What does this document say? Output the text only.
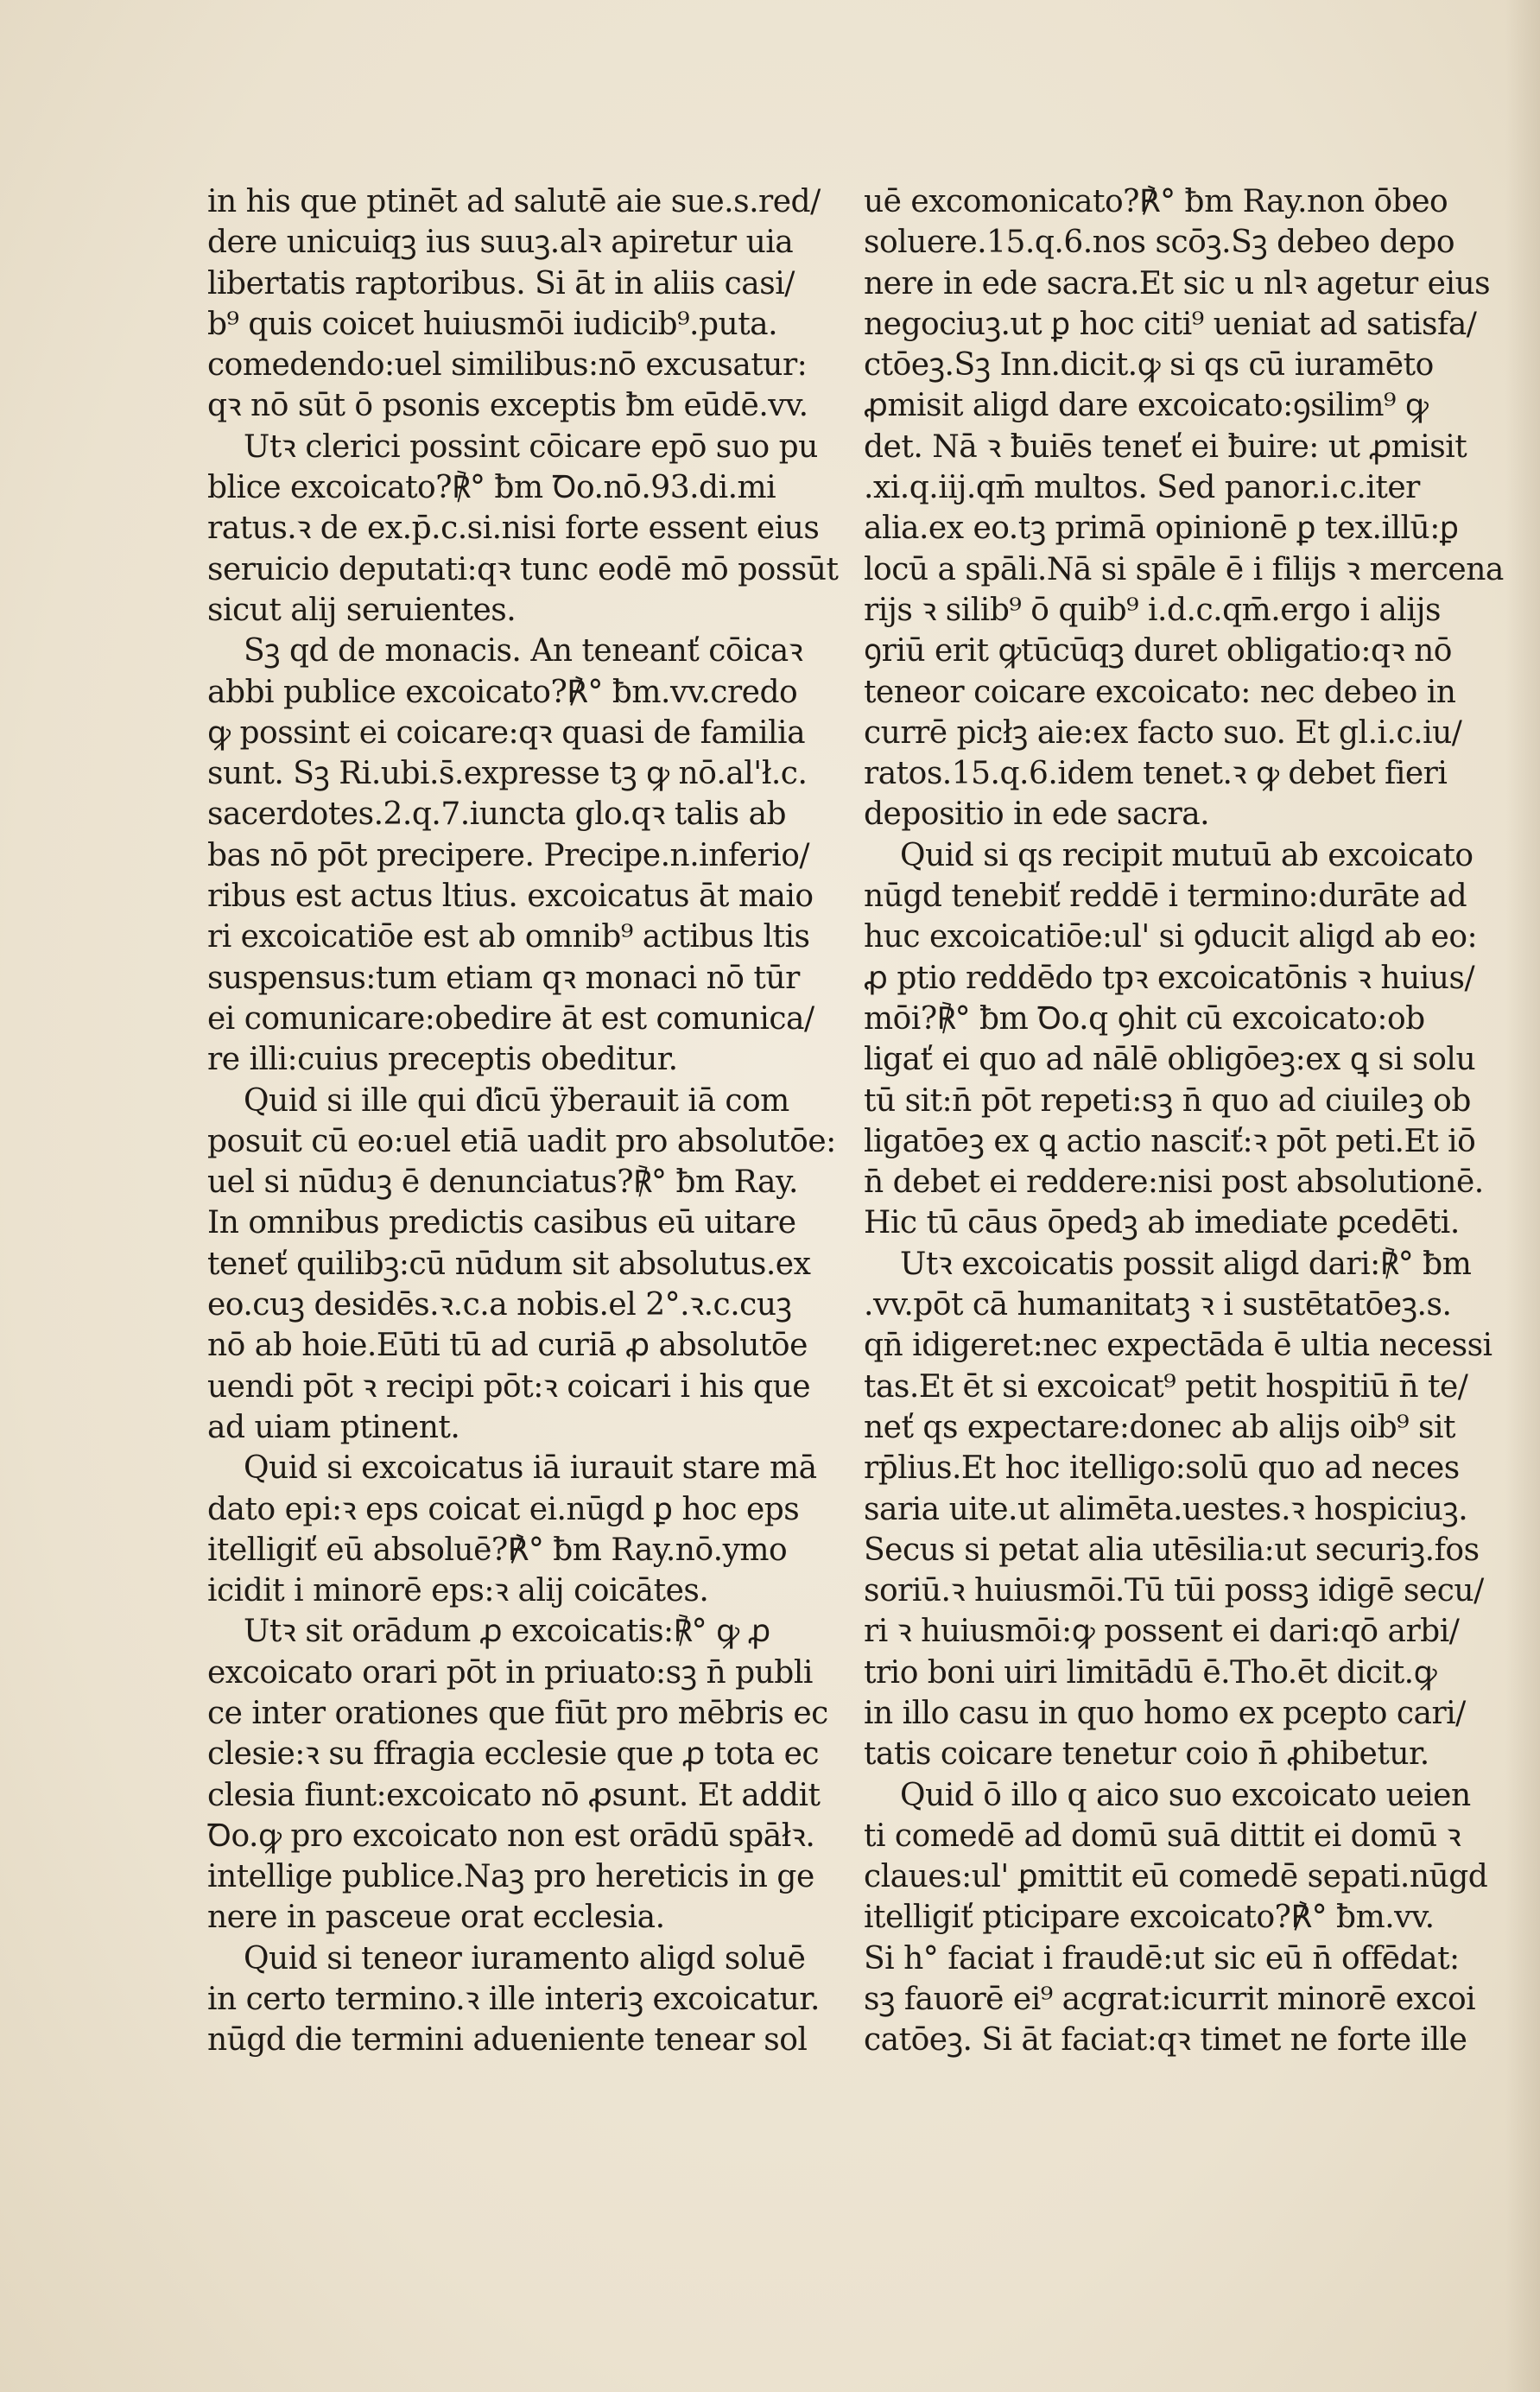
in his que ptinēt ad salutē aie sue.s.red/
dere unicuiqꝫ ius suuꝫ.alꝛ apiretur uia
libertatis raptoribus. Si āt in aliis casi/
b⁹ quis coicet huiusmōi iudicib⁹.puta.
comedendo:uel similibus:nō excusatur:
qꝛ nō sūt ō psonis exceptis ƀm eūdē.vv.
Utꝛ clerici possint cōicare epō suo pu
blice excoicato?℟° ƀm Ꝺo.nō.93.di.mi
ratus.ꝛ de ex.p̄.c.si.nisi forte essent eius
seruicio deputati:qꝛ tunc eodē mō possūt
sicut alij seruientes.
Sꝫ qd de monacis. An teneanť cōicaꝛ
abbi publice excoicato?℟° ƀm.vv.credo
ꝙ possint ei coicare:qꝛ quasi de familia
sunt. Sꝫ Ri.ubi.s̄.expresse tꝫ ꝙ nō.al'ł.c.
sacerdotes.2.q.7.iuncta glo.qꝛ talis ab
bas nō pōt precipere. Precipe.n.inferio/
ribus est actus ltius. excoicatus āt maio
ri excoicatiōe est ab omnib⁹ actibus ltis
suspensus:tum etiam qꝛ monaci nō tūr
ei comunicare:obedire āt est comunica/
re illi:cuius preceptis obeditur.
Quid si ille qui ďicū ÿberauit iā com
posuit cū eo:uel etiā uadit pro absolutōe:
uel si nūduꝫ ē denunciatus?℟° ƀm Ray.
In omnibus predictis casibus eū uitare
teneť quilibꝫ:cū nūdum sit absolutus.ex
eo.cuꝫ desidēs.ꝛ.c.a nobis.el 2°.ꝛ.c.cuꝫ
nō ab hoie.Eūti tū ad curiā ꝓ absolutōe
uendi pōt ꝛ recipi pōt:ꝛ coicari i his que
ad uiam ptinent.
Quid si excoicatus iā iurauit stare mā
dato epi:ꝛ eps coicat ei.nūgd ꝑ hoc eps
itelligiť eū absoluē?℟° ƀm Ray.nō.ymo
icidit i minorē eps:ꝛ alij coicātes.
Utꝛ sit orādum ꝓ excoicatis:℟° ꝙ ꝓ
excoicato orari pōt in priuato:sꝫ n̄ publi
ce inter orationes que fiūt pro mēbris ec
clesie:ꝛ su ffragia ecclesie que ꝓ tota ec
clesia fiunt:excoicato nō ꝓsunt. Et addit
Ꝺo.ꝙ pro excoicato non est orādū spāłꝛ.
intellige publice.Naꝫ pro hereticis in ge
nere in pasceue orat ecclesia.
Quid si teneor iuramento aligd soluē
in certo termino.ꝛ ille interiꝫ excoicatur.
nūgd die termini adueniente tenear sol
uē excomonicato?℟° ƀm Ray.non ōbeo
soluere.15.q.6.nos scōꝫ.Sꝫ debeo depo
nere in ede sacra.Et sic u nlꝛ agetur eius
negociuꝫ.ut ꝑ hoc citi⁹ ueniat ad satisfa/
ctōeꝫ.Sꝫ Inn.dicit.ꝙ si qs cū iuramēto
ꝓmisit aligd dare excoicato:ꝯsilim⁹ ꝙ
det. Nā ꝛ ƀuiēs teneť ei ƀuire: ut ꝓmisit
.xi.q.iij.qm̄ multos. Sed panor.i.c.iter
alia.ex eo.tꝫ primā opinionē ꝑ tex.illū:ꝑ
locū a spāli.Nā si spāle ē i filijs ꝛ mercena
rijs ꝛ silib⁹ ō quib⁹ i.d.c.qm̄.ergo i alijs
ꝯriū erit ꝙtūcūqꝫ duret obligatio:qꝛ nō
teneor coicare excoicato: nec debeo in
currē picłꝫ aie:ex facto suo. Et gl.i.c.iu/
ratos.15.q.6.idem tenet.ꝛ ꝙ debet fieri
depositio in ede sacra.
Quid si qs recipit mutuū ab excoicato
nūgd tenebiť reddē i termino:durāte ad
huc excoicatiōe:ul' si ꝯducit aligd ab eo:
ꝓ ptio reddēdo tpꝛ excoicatōnis ꝛ huius/
mōi?℟° ƀm Ꝺo.q ꝯhit cū excoicato:ob
ligať ei quo ad nālē obligōeꝫ:ex ꝗ si solu
tū sit:n̄ pōt repeti:sꝫ n̄ quo ad ciuileꝫ ob
ligatōeꝫ ex ꝗ actio nasciť:ꝛ pōt peti.Et iō
n̄ debet ei reddere:nisi post absolutionē.
Hic tū cāus ōpedꝫ ab imediate ꝑcedēti.
Utꝛ excoicatis possit aligd dari:℟° ƀm
.vv.pōt cā humanitatꝫ ꝛ i sustētatōeꝫ.s.
qn̄ idigeret:nec expectāda ē ultia necessi
tas.Et ēt si excoicat⁹ petit hospitiū n̄ te/
neť qs expectare:donec ab alijs oib⁹ sit
rp̄lius.Et hoc itelligo:solū quo ad neces
saria uite.ut alimēta.uestes.ꝛ hospiciuꝫ.
Secus si petat alia utēsilia:ut securiꝫ.fos
soriū.ꝛ huiusmōi.Tū tūi possꝫ idigē secu/
ri ꝛ huiusmōi:ꝙ possent ei dari:qō arbi/
trio boni uiri limitādū ē.Tho.ēt dicit.ꝙ
in illo casu in quo homo ex pcepto cari/
tatis coicare tenetur coio n̄ ꝓhibetur.
Quid ō illo q aico suo excoicato ueien
ti comedē ad domū suā dittit ei domū ꝛ
claues:ul' ꝑmittit eū comedē sepati.nūgd
itelligiť pticipare excoicato?℟° ƀm.vv.
Si h° faciat i fraudē:ut sic eū n̄ offēdat:
sꝫ fauorē ei⁹ acgrat:icurrit minorē excoi
catōeꝫ. Si āt faciat:qꝛ timet ne forte ille
